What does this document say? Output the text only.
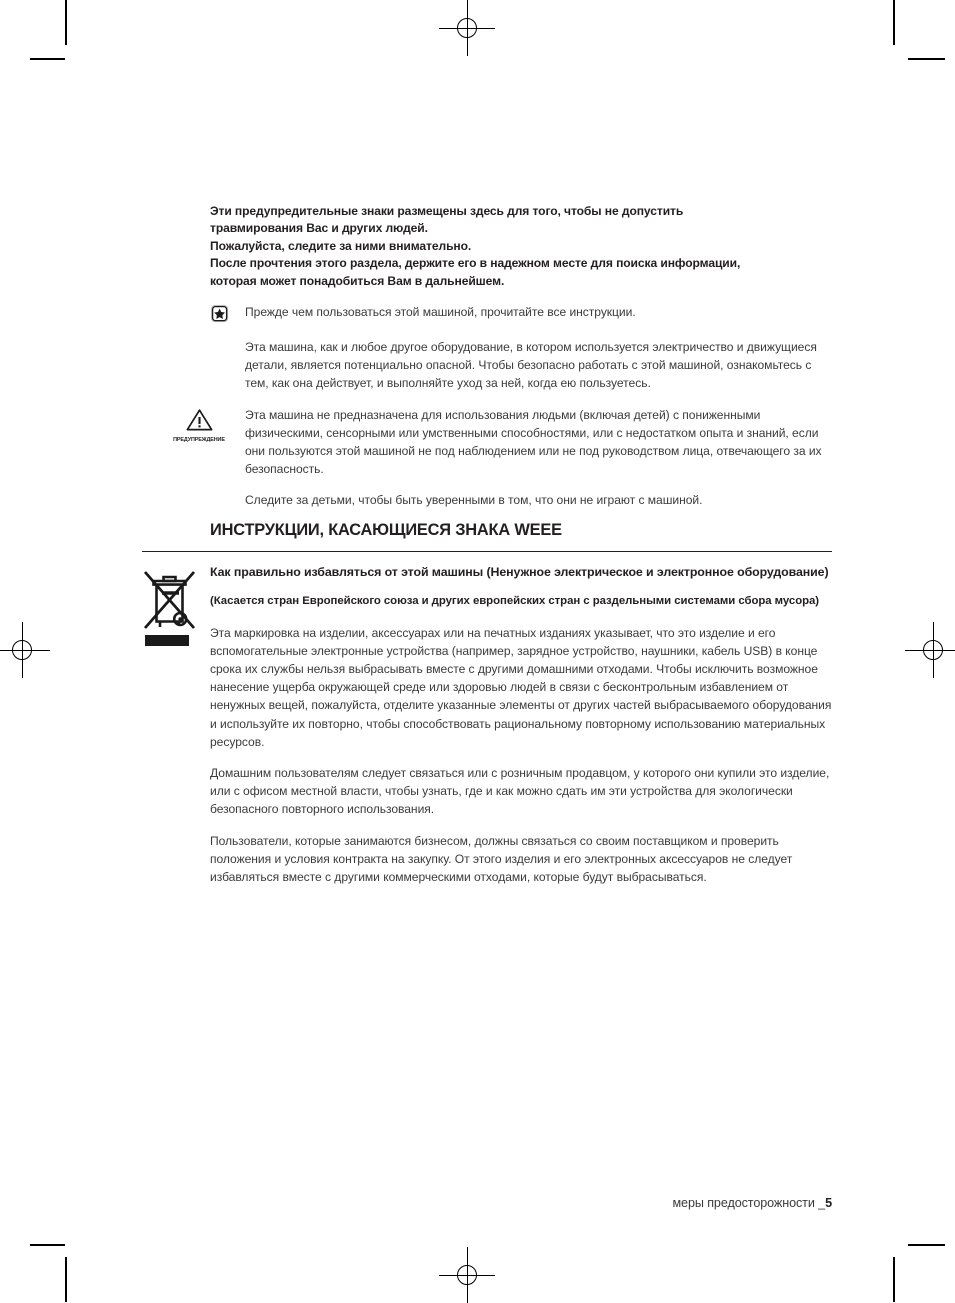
Эти предупредительные знаки размещены здесь для того, чтобы не допустить
травмирования Вас и других людей.
Пожалуйста, следите за ними внимательно.
После прочтения этого раздела, держите его в надежном месте для поиска информации,
которая может понадобиться Вам в дальнейшем.

Прежде чем пользоваться этой машиной, прочитайте все инструкции.

Эта машина, как и любое другое оборудование, в котором используется электричество и движущиеся детали, является потенциально опасной. Чтобы безопасно работать с этой машиной, ознакомьтесь с тем, как она действует, и выполняйте уход за ней, когда ею пользуетесь.

ПРЕДУПРЕЖДЕНИЕ

Эта машина не предназначена для использования людьми (включая детей) с пониженными физическими, сенсорными или умственными способностями, или с недостатком опыта и знаний, если они пользуются этой машиной не под наблюдением или не под руководством лица, отвечающего за их безопасность.

Следите за детьми, чтобы быть уверенными в том, что они не играют с машиной.

ИНСТРУКЦИИ, КАСАЮЩИЕСЯ ЗНАКА WEEE

Как правильно избавляться от этой машины (Ненужное электрическое и электронное оборудование)

(Касается стран Европейского союза и других европейских стран с раздельными системами сбора мусора)

Эта маркировка на изделии, аксессуарах или на печатных изданиях указывает, что это изделие и его вспомогательные электронные устройства (например, зарядное устройство, наушники, кабель USB) в конце срока их службы нельзя выбрасывать вместе с другими домашними отходами. Чтобы исключить возможное нанесение ущерба окружающей среде или здоровью людей в связи с бесконтрольным избавлением от ненужных вещей, пожалуйста, отделите указанные элементы от других частей выбрасываемого оборудования и используйте их повторно, чтобы способствовать рациональному повторному использованию материальных ресурсов.

Домашним пользователям следует связаться или с розничным продавцом, у которого они купили это изделие, или с офисом местной власти, чтобы узнать, где и как можно сдать им эти устройства для экологически безопасного повторного использования.

Пользователи, которые занимаются бизнесом, должны связаться со своим поставщиком и проверить положения и условия контракта на закупку. От этого изделия и его электронных аксессуаров не следует избавляться вместе с другими коммерческими отходами, которые будут выбрасываться.

меры предосторожности _5
